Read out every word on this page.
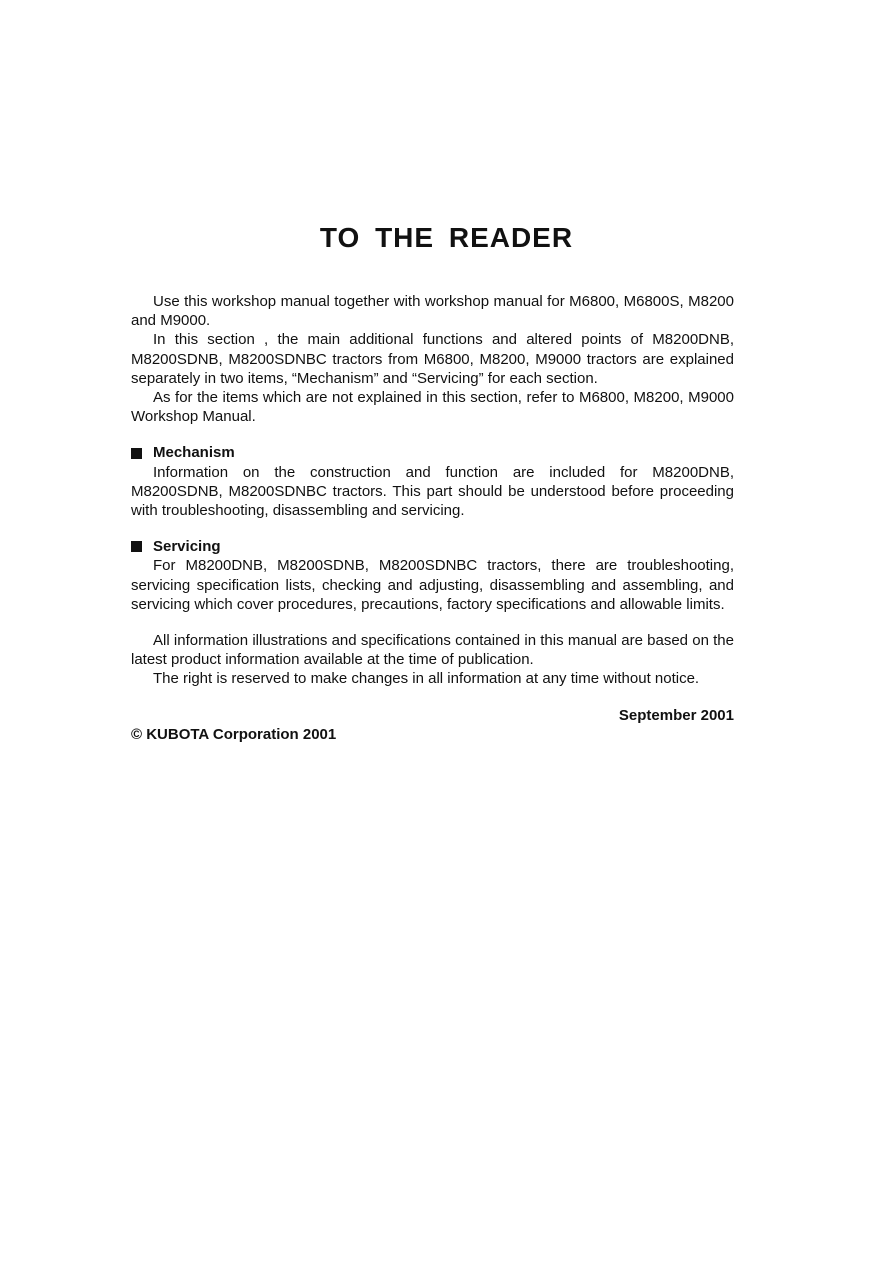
TO THE READER

Use this workshop manual together with workshop manual for M6800, M6800S, M8200 and M9000.

In this section , the main additional functions and altered points of M8200DNB, M8200SDNB, M8200SDNBC tractors from M6800, M8200, M9000 tractors are explained separately in two items, “Mechanism” and “Servicing” for each section.

As for the items which are not explained in this section, refer to M6800, M8200, M9000 Workshop Manual.

Mechanism

Information on the construction and function are included for M8200DNB, M8200SDNB, M8200SDNBC tractors. This part should be understood before proceeding with troubleshooting, disassembling and servicing.

Servicing

For M8200DNB, M8200SDNB, M8200SDNBC tractors, there are troubleshooting, servicing specification lists, checking and adjusting, disassembling and assembling, and servicing which cover procedures, precautions, factory specifications and allowable limits.

All information illustrations and specifications contained in this manual are based on the latest product information available at the time of publication.

The right is reserved to make changes in all information at any time without notice.

September 2001

© KUBOTA Corporation 2001
